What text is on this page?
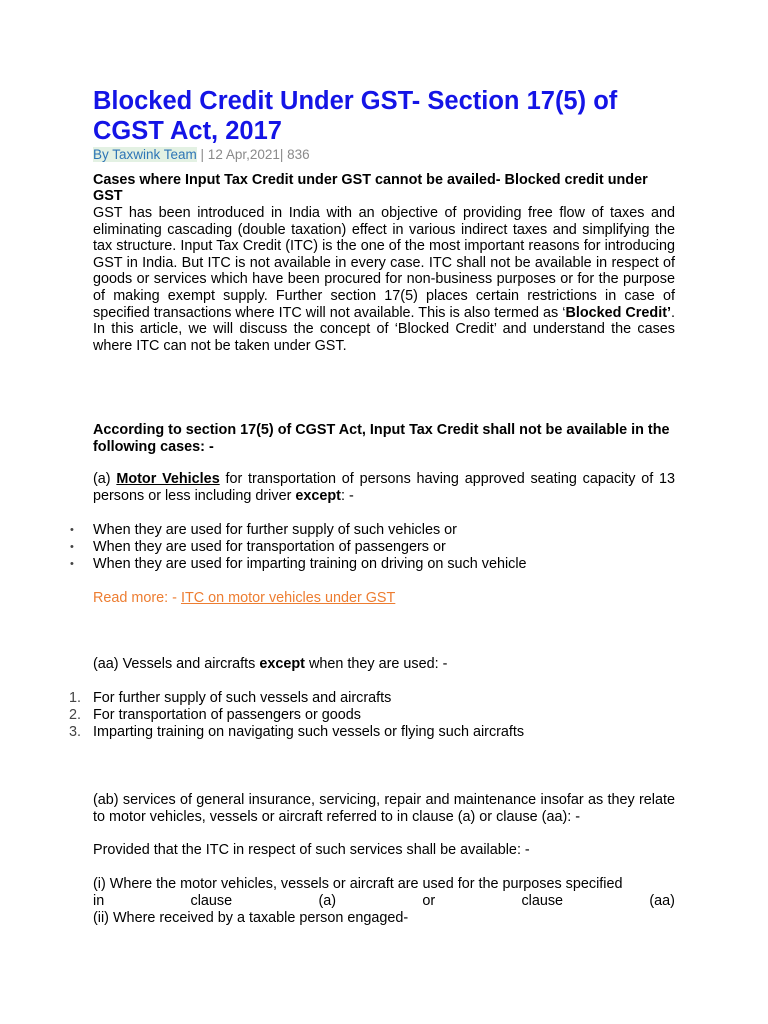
Blocked Credit Under GST- Section 17(5) of CGST Act, 2017
By Taxwink Team | 12 Apr,2021| 836

Cases where Input Tax Credit under GST cannot be availed- Blocked credit under GST

GST has been introduced in India with an objective of providing free flow of taxes and eliminating cascading (double taxation) effect in various indirect taxes and simplifying the tax structure. Input Tax Credit (ITC) is the one of the most important reasons for introducing GST in India. But ITC is not available in every case. ITC shall not be available in respect of goods or services which have been procured for non-business purposes or for the purpose of making exempt supply. Further section 17(5) places certain restrictions in case of specified transactions where ITC will not available. This is also termed as ‘Blocked Credit’. In this article, we will discuss the concept of ‘Blocked Credit’ and understand the cases where ITC can not be taken under GST.

According to section 17(5) of CGST Act, Input Tax Credit shall not be available in the following cases: -

(a) Motor Vehicles for transportation of persons having approved seating capacity of 13 persons or less including driver except: -

• When they are used for further supply of such vehicles or
• When they are used for transportation of passengers or
• When they are used for imparting training on driving on such vehicle
Read more: - ITC on motor vehicles under GST

(aa) Vessels and aircrafts except when they are used: -

1. For further supply of such vessels and aircrafts
2. For transportation of passengers or goods
3. Imparting training on navigating such vessels or flying such aircrafts

(ab) services of general insurance, servicing, repair and maintenance insofar as they relate to motor vehicles, vessels or aircraft referred to in clause (a) or clause (aa): -

Provided that the ITC in respect of such services shall be available: -

(i) Where the motor vehicles, vessels or aircraft are used for the purposes specified
in	clause	(a)	or	clause	(aa)
(ii) Where received by a taxable person engaged-
